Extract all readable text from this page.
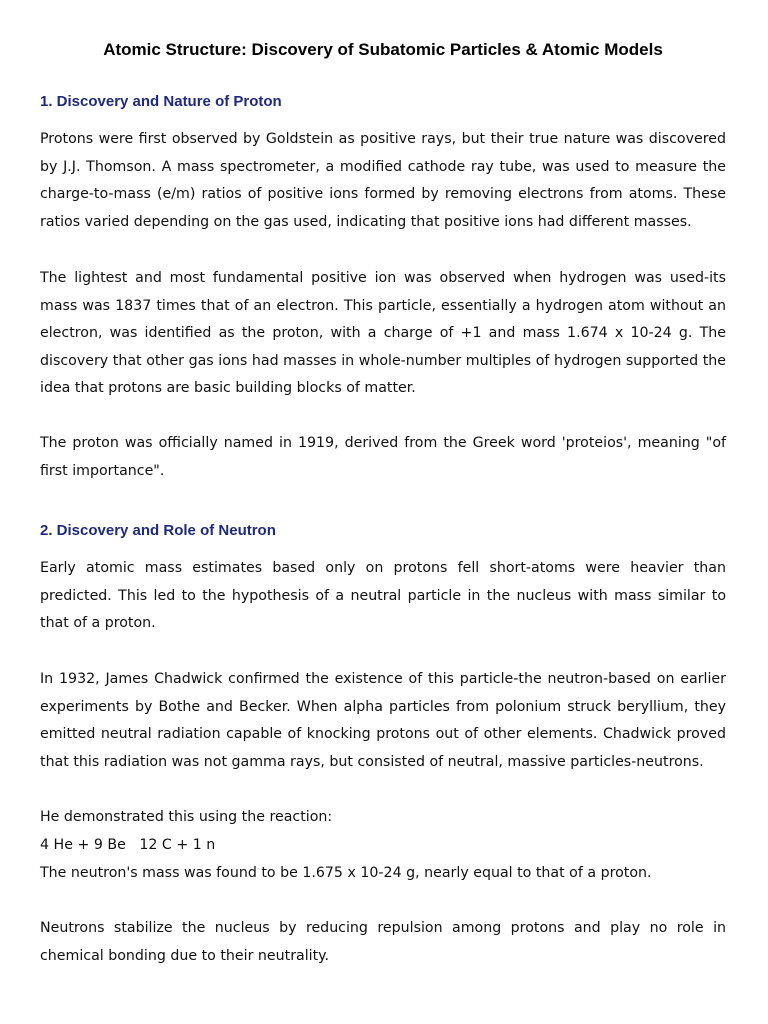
Atomic Structure: Discovery of Subatomic Particles & Atomic Models
1. Discovery and Nature of Proton

Protons were first observed by Goldstein as positive rays, but their true nature was discovered by J.J. Thomson. A mass spectrometer, a modified cathode ray tube, was used to measure the charge-to-mass (e/m) ratios of positive ions formed by removing electrons from atoms. These ratios varied depending on the gas used, indicating that positive ions had different masses.

The lightest and most fundamental positive ion was observed when hydrogen was used-its mass was 1837 times that of an electron. This particle, essentially a hydrogen atom without an electron, was identified as the proton, with a charge of +1 and mass 1.674 x 10-24 g. The discovery that other gas ions had masses in whole-number multiples of hydrogen supported the idea that protons are basic building blocks of matter.

The proton was officially named in 1919, derived from the Greek word 'proteios', meaning "of first importance".

2. Discovery and Role of Neutron

Early atomic mass estimates based only on protons fell short-atoms were heavier than predicted. This led to the hypothesis of a neutral particle in the nucleus with mass similar to that of a proton.

In 1932, James Chadwick confirmed the existence of this particle-the neutron-based on earlier experiments by Bothe and Becker. When alpha particles from polonium struck beryllium, they emitted neutral radiation capable of knocking protons out of other elements. Chadwick proved that this radiation was not gamma rays, but consisted of neutral, massive particles-neutrons.

He demonstrated this using the reaction:

4 He + 9 Be   12 C + 1 n

The neutron's mass was found to be 1.675 x 10-24 g, nearly equal to that of a proton.

Neutrons stabilize the nucleus by reducing repulsion among protons and play no role in chemical bonding due to their neutrality.
